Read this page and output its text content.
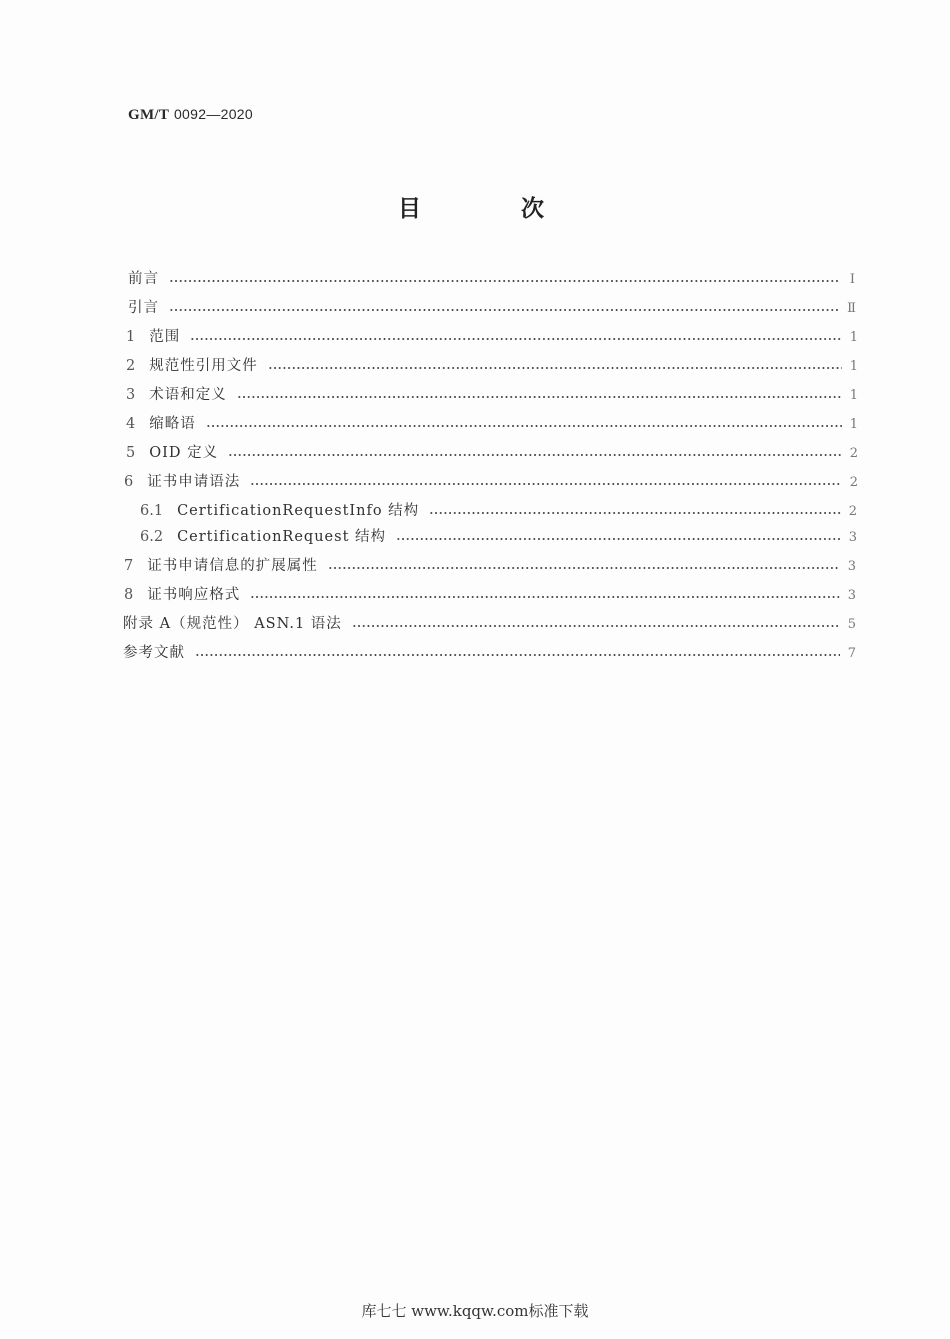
GM/T 0092—2020
目 次
前言	Ⅰ
引言	Ⅱ
1 范围	1
2 规范性引用文件	1
3 术语和定义	1
4 缩略语	1
5 OID 定义	2
6 证书申请语法	2
6.1 CertificationRequestInfo 结构	2
6.2 CertificationRequest 结构	3
7 证书申请信息的扩展属性	3
8 证书响应格式	3
附录 A（规范性） ASN.1 语法	5
参考文献	7
库七七 www.kqqw.com标准下载
